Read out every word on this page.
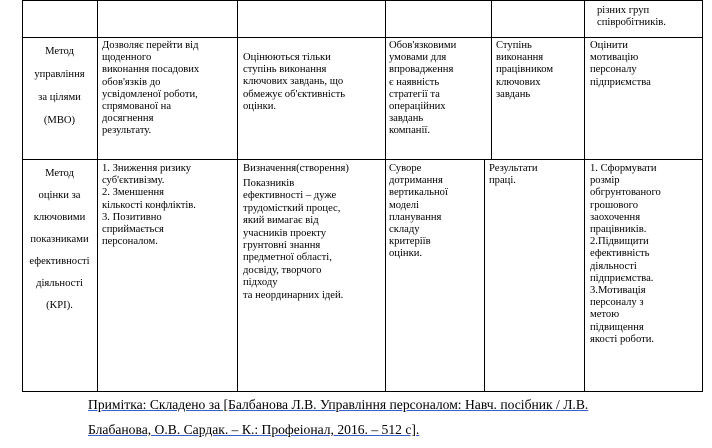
різних груп
співробітників.
Метод
управління
за цілями
(МВО)
Дозволяє перейти від
щоденного
виконання посадових
обов'язків до
усвідомленої роботи,
спрямованої на
досягнення
результату.
Оцінюються тільки
ступінь виконання
ключових завдань, що
обмежує об'єктивність
оцінки.
Обов'язковими
умовами для
впровадження
є наявність
стратегії та
операційних
завдань
компанії.
Ступінь
виконання
працівником
ключових
завдань
Оцінити
мотивацію
персоналу
підприємства
Метод
оцінки за
ключовими
показниками
ефективності
діяльності
(KPI).
1. Зниження ризику
суб'єктивізму.
2. Зменшення
кількості конфліктів.
3. Позитивно
сприймається
персоналом.
Визначення(створення)
Показників
ефективності – дуже
трудомісткий процес,
який вимагає від
учасників проекту
грунтовні знання
предметної області,
досвіду, творчого
підходу
та неординарних ідей.
Суворе
дотримання
вертикальної
моделі
планування
складу
критеріїв
оцінки.
Результати
праці.
1. Сформувати
розмір
обгрунтованого
грошового
заохочення
працівників.
2.Підвищити
ефективність
діяльності
підприємства.
3.Мотивація
персоналу з
метою
підвищення
якості роботи.
Примітка: Складено за [Балбанова Л.В. Управління персоналом: Навч. посібник / Л.В.
Блабанова, О.В. Сардак. – К.: Профеіонал, 2016. – 512 с].
